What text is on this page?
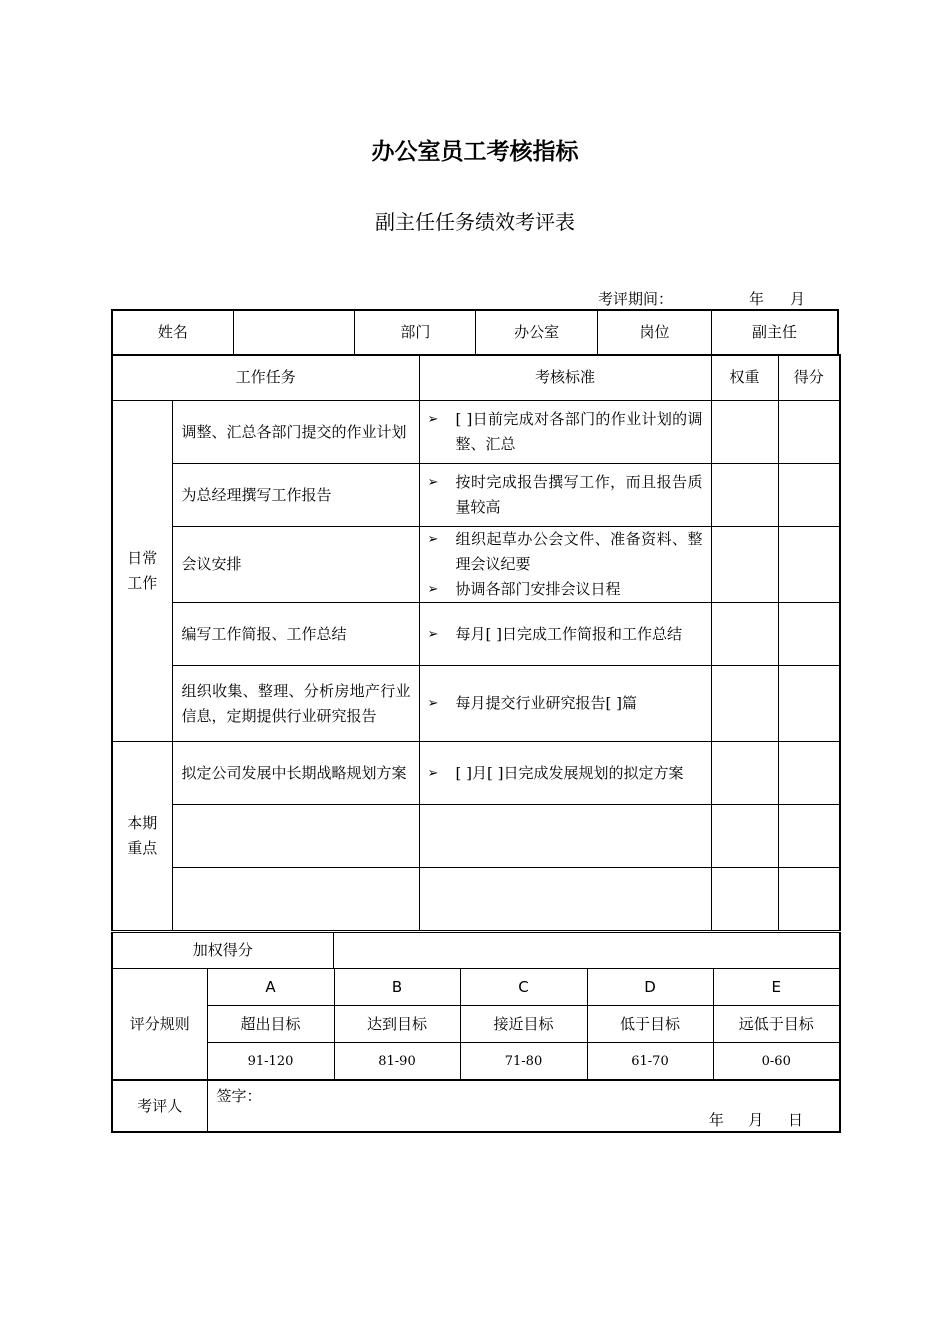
办公室员工考核指标
副主任任务绩效考评表
考评期间：	年 月
姓名		部门	办公室	岗位	副主任
工作任务		考核标准	权重	得分
日常工作	调整、汇总各部门提交的作业计划	➢ [ ]日前完成对各部门的作业计划的调整、汇总		

	为总经理撰写工作报告	➢ 按时完成报告撰写工作，而且报告质量较高		

	会议安排	➢ 组织起草办公会文件、准备资料、整理会议纪要
➢ 协调各部门安排会议日程		

	编写工作简报、工作总结	➢ 每月[ ]日完成工作简报和工作总结		

	组织收集、整理、分析房地产行业信息，定期提供行业研究报告	➢ 每月提交行业研究报告[ ]篇		

本期重点	拟定公司发展中长期战略规划方案	➢ [ ]月[ ]日完成发展规划的拟定方案		

加权得分	
评分规则	A	B	C	D	E
	超出目标	达到目标	接近目标	低于目标	远低于目标
	91-120	81-90	71-80	61-70	0-60
考评人	
签字：
年　 月　 日
